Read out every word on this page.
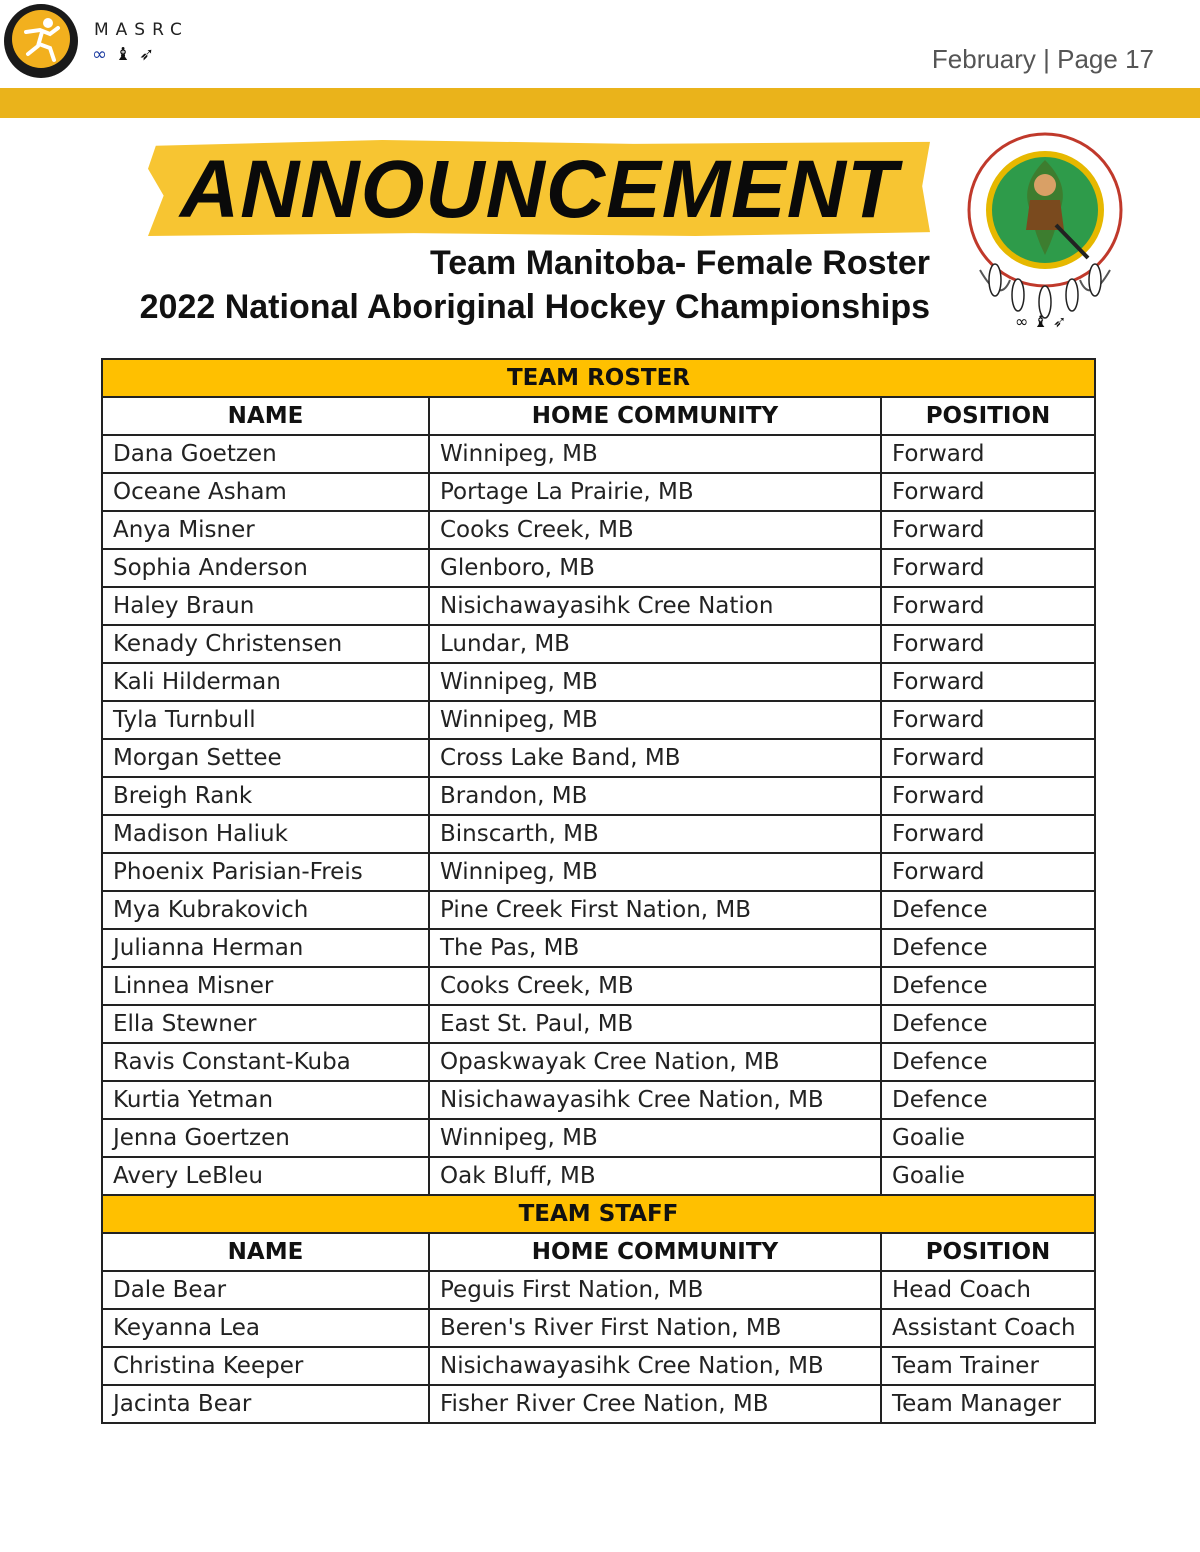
MASRC
∞♝➶	February | Page 17
ANNOUNCEMENT
Team Manitoba- Female Roster
2022 National Aboriginal Hockey Championships	∞ ♝ ➶
TEAM ROSTER		
NAME	HOME COMMUNITY	POSITION
Dana Goetzen	Winnipeg, MB	Forward
Oceane Asham	Portage La Prairie, MB	Forward
Anya Misner	Cooks Creek, MB	Forward
Sophia Anderson	Glenboro, MB	Forward
Haley Braun	Nisichawayasihk Cree Nation	Forward
Kenady Christensen	Lundar, MB	Forward
Kali Hilderman	Winnipeg, MB	Forward
Tyla Turnbull	Winnipeg, MB	Forward
Morgan Settee	Cross Lake Band, MB	Forward
Breigh Rank	Brandon, MB	Forward
Madison Haliuk	Binscarth, MB	Forward
Phoenix Parisian-Freis	Winnipeg, MB	Forward
Mya Kubrakovich	Pine Creek First Nation, MB	Defence
Julianna Herman	The Pas, MB	Defence
Linnea Misner	Cooks Creek, MB	Defence
Ella Stewner	East St. Paul, MB	Defence
Ravis Constant-Kuba	Opaskwayak Cree Nation, MB	Defence
Kurtia Yetman	Nisichawayasihk Cree Nation, MB	Defence
Jenna Goertzen	Winnipeg, MB	Goalie
Avery LeBleu	Oak Bluff, MB	Goalie
TEAM STAFF		
NAME	HOME COMMUNITY	POSITION
Dale Bear	Peguis First Nation, MB	Head Coach
Keyanna Lea	Beren's River First Nation, MB	Assistant Coach
Christina Keeper	Nisichawayasihk Cree Nation, MB	Team Trainer
Jacinta Bear	Fisher River Cree Nation, MB	Team Manager
